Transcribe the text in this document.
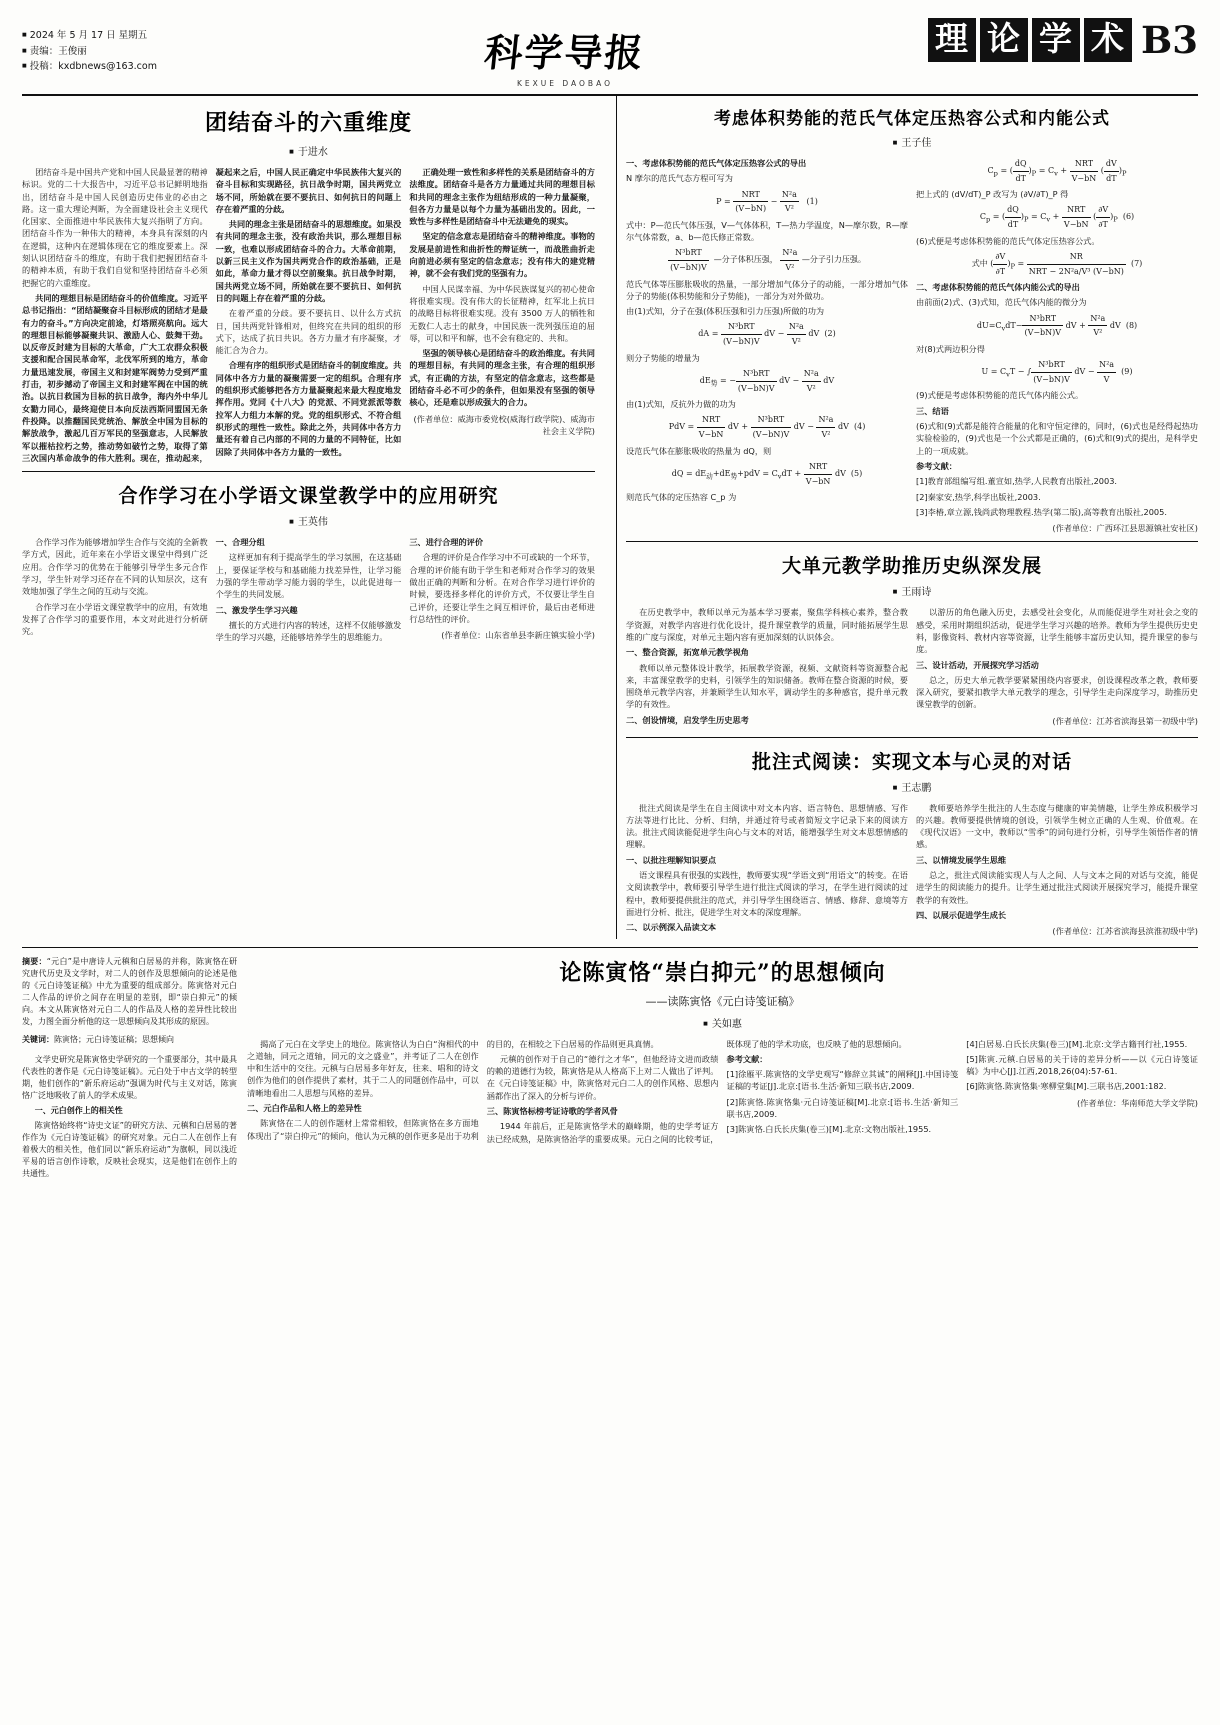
■ 2024 年 5 月 17 日 星期五
■ 责编：王俊丽
■ 投稿：kxdbnews@163.com	科学导报
KEXUE DAOBAO
理 论 学 术 B3
团结奋斗的六重维度
■ 于进水

团结奋斗是中国共产党和中国人民最显著的精神标识。党的二十大报告中，习近平总书记鲜明地指出，团结奋斗是中国人民创造历史伟业的必由之路。这一重大理论判断，为全面建设社会主义现代化国家、全面推进中华民族伟大复兴指明了方向。团结奋斗作为一种伟大的精神，本身具有深刻的内在逻辑，这种内在逻辑体现在它的维度要素上。深刻认识团结奋斗的维度，有助于我们把握团结奋斗的精神本质，有助于我们自觉和坚持团结奋斗必须把握它的六重维度。

共同的理想目标是团结奋斗的价值维度。习近平总书记指出：“团结凝聚奋斗目标形成的团结才是最有力的奋斗。”方向决定前途，灯塔照亮航向。远大的理想目标能够凝聚共识、激励人心、鼓舞干劲。以反帝反封建为目标的大革命，广大工农群众积极支援和配合国民革命军，北伐军所到的地方，革命力量迅速发展，帝国主义和封建军阀势力受到严重打击，初步撼动了帝国主义和封建军阀在中国的统治。以抗日救国为目标的抗日战争，海内外中华儿女勠力同心，最终迎使日本向反法西斯同盟国无条件投降。以推翻国民党统治、解放全中国为目标的解放战争，激起几百万军民的坚强意志，人民解放军以摧枯拉朽之势，推动势如破竹之势，取得了第三次国内革命战争的伟大胜利。现在，推动起来，凝起来之后，中国人民正确定中华民族伟大复兴的奋斗目标和实现路径，抗日战争时期，国共两党立场不同，所始就在要不要抗日、如何抗日的问题上存在着严重的分歧。

共同的理念主张是团结奋斗的思想维度。如果没有共同的理念主张，没有政治共识，那么理想目标一致，也难以形成团结奋斗的合力。大革命前期，以新三民主义作为国共两党合作的政治基础，正是如此，革命力量才得以空前聚集。抗日战争时期，国共两党立场不同，所始就在要不要抗日、如何抗日的问题上存在着严重的分歧。

在着严重的分歧。要不要抗日、以什么方式抗日，国共两党针锋相对，但终究在共同的组织的形式下，达成了抗日共识。各方力量才有序凝聚，才能汇合为合力。

合理有序的组织形式是团结奋斗的制度维度。共同体中各方力量的凝聚需要一定的组织。合理有序的组织形式能够把各方力量凝聚起来最大程度地发挥作用。党同《十八大》的党派、不同党派派等数拉军人力组力本解的党。党的组织形式、不符合组织形式的理性一致性。除此之外，共同体中各方力量还有着自己内部的不同的力量的不同特征，比如因除了共同体中各方力量的一致性。

正确处理一致性和多样性的关系是团结奋斗的方法维度。团结奋斗是各方力量通过共同的理想目标和共同的理念主张作为纽结形成的一种力量凝聚，但各方力量是以每个力量为基础出发的。因此，一致性与多样性是团结奋斗中无法避免的现实。

坚定的信念意志是团结奋斗的精神维度。事物的发展是前进性和曲折性的辩证统一，而战胜曲折走向前进必须有坚定的信念意志；没有伟大的建党精神，就不会有我们党的坚强有力。

中国人民谋幸福、为中华民族谋复兴的初心使命将很难实现。没有伟大的长征精神，红军北上抗日的战略目标将很难实现。没有 3500 万人的牺牲和无数仁人志士的献身，中国民族一洗列强压迫的屈辱，可以和平和解，也不会有稳定的、共和。

坚强的领导核心是团结奋斗的政治维度。有共同的理想目标，有共同的理念主张，有合理的组织形式，有正确的方法，有坚定的信念意志，这些都是团结奋斗必不可少的条件，但如果没有坚强的领导核心，还是难以形成强大的合力。

(作者单位：威海市委党校(威海行政学院)、威海市社会主义学院)

合作学习在小学语文课堂教学中的应用研究
■ 王英伟

合作学习作为能够增加学生合作与交流的全新教学方式，因此，近年来在小学语文课堂中得到广泛应用。合作学习的优势在于能够引导学生多元合作学习，学生针对学习还存在不同的认知层次，这有效地加强了学生之间的互动与交流。

合作学习在小学语文课堂教学中的应用，有效地发挥了合作学习的重要作用，本文对此进行分析研究。

一、合理分组

这样更加有利于提高学生的学习氛围，在这基础上，要保证学校与和基础能力找差异性，让学习能力强的学生带动学习能力弱的学生，以此促进每一个学生的共同发展。

二、激发学生学习兴趣

擅长的方式进行内容的转述，这样不仅能够激发学生的学习兴趣，还能够培养学生的思维能力。

三、进行合理的评价

合理的评价是合作学习中不可或缺的一个环节，合理的评价能有助于学生和老师对合作学习的效果做出正确的判断和分析。在对合作学习进行评价的时候，要选择多样化的评价方式，不仅要让学生自己评价，还要让学生之间互相评价，最后由老师进行总结性的评价。

(作者单位：山东省单县李新庄镇实验小学)

考虑体积势能的范氏气体定压热容公式和内能公式
■ 王子佳

一、考虑体积势能的范氏气体定压热容公式的导出

N 摩尔的范氏气态方程可写为

$P = \frac{\text{NRT}}{(V-bN)} - \frac{\text{N²a}}{\text{V²}} (1)$

式中：P—范氏气体压强，V—气体体积，T—热力学温度，N—摩尔数，R—摩尔气体常数，a、b—范氏修正常数。

$\frac{\text{N³bRT}}{(V-bN)V}$ —分子体积压强， $\frac{\text{N²a}}{\text{V²}}$ —分子引力压强。

范氏气体等压膨胀吸收的热量，一部分增加气体分子的动能，一部分增加气体分子的势能(体积势能和分子势能)，一部分为对外做功。

由(1)式知，分子在强(体积压强和引力压强)所做的功为

dA = $\frac{\text{N³bRT}}{(V-bN)V}$ dV − $\frac{\text{N²a}}{\text{V²}}$ dV  (2)

则分子势能的增量为

$dE_势$ = − $\frac{\text{N³bRT}}{(V-bN)V}$ dV − $\frac{\text{N²a}}{\text{V²}}$ dV

由(1)式知，反抗外力做的功为

PdV = $\frac{\text{NRT}}{V-bN}$ dV + $\frac{\text{N³bRT}}{(V-bN)V}$ dV − $\frac{\text{N²a}}{\text{V²}}$ dV  (4)

设范氏气体在膨胀吸收的热量为 dQ，则

dQ = $dE_动+dE_势+pdV = C_vdT + \frac{\text{NRT}}{V-bN}$ dV  (5)

则范氏气体的定压热容 C_p 为

$C_p$ = ( $\frac{dQ}{dT} )_P = C_v + \frac{\text{NRT}}{V-bN}$ ( $\frac{dV}{dT} )_P$

把上式的 (dV/dT)_P 改写为 (∂V/∂T)_P 得

$C_p$ = ( $\frac{dQ}{dT} )_P = C_v + \frac{\text{NRT}}{V-bN}$ ( $\frac{\partial V}{\partial T} )_P$  (6)

(6)式便是考虑体积势能的范氏气体定压热容公式。

式中 ( $\frac{\partial V}{\partial T} )_P = \frac{NR}{\text{NRT − 2N²a/V³ (V−bN)}} (7)$

二、考虑体积势能的范氏气体内能公式的导出

由前面(2)式、(3)式知，范氏气体内能的微分为

$dU=C_vdT- \frac{\text{N³bRT}}{(V-bN)V}$ dV + $\frac{\text{N²a}}{\text{V²}}$ dV  (8)

对(8)式两边积分得

$U = C_vT$ − ∫ $\frac{\text{N³bRT}}{(V-bN)V}$ dV − $\frac{\text{N²a}}{V} (9)$

(9)式便是考虑体积势能的范氏气体内能公式。

三、结语

(6)式和(9)式都是能符合能量的化和守恒定律的，同时，(6)式也是经得起热功实验检验的，(9)式也是一个公式都是正确的，(6)式和(9)式的提出，是科学史上的一项成就。

参考文献：

[1]教育部组编写组.董宣如,热学,人民教育出版社,2003.

[2]秦家安,热学,科学出版社,2003.

[3]李椿,章立源,钱尚武物理教程.热学(第二版),高等教育出版社,2005.

(作者单位：广西环江县思源镇社安社区)

大单元教学助推历史纵深发展
■ 王雨诗

在历史教学中，教师以单元为基本学习要素，聚焦学科核心素养，整合教学资源，对教学内容进行优化设计，提升课堂教学的质量，同时能拓展学生思维的广度与深度，对单元主题内容有更加深刻的认识体会。

一、整合资源，拓宽单元教学视角

教师以单元整体设计教学，拓展教学资源，视频、文献资料等资源整合起来，丰富课堂教学的史料，引领学生的知识储备。教师在整合资源的时候，要围绕单元教学内容，并兼顾学生认知水平，调动学生的多种感官，提升单元教学的有效性。

二、创设情境，启发学生历史思考

以游历的角色融入历史，去感受社会变化，从而能促进学生对社会之变的感受，采用时期组织活动，促进学生学习兴趣的培养。教师为学生提供历史史料，影像资料、教材内容等资源，让学生能够丰富历史认知，提升课堂的参与度。

三、设计活动，开展探究学习活动

总之，历史大单元教学要紧紧围绕内容要求，创设课程改革之教，教师要深入研究，要紧扣教学大单元教学的理念，引导学生走向深度学习，助推历史课堂教学的创新。

(作者单位：江苏省滨海县第一初级中学)

批注式阅读：实现文本与心灵的对话
■ 王志鹏

批注式阅读是学生在自主阅读中对文本内容、语言特色、思想情感、写作方法等进行比比、分析、归纳，并通过符号或者简短文字记录下来的阅读方法。批注式阅读能促进学生向心与文本的对话，能增强学生对文本思想情感的理解。

一、以批注理解知识要点

语文课程具有很强的实践性，教师要实现“学语文到“用语文”的转变。在语文阅读教学中，教师要引导学生进行批注式阅读的学习，在学生进行阅读的过程中，教师要提供批注的范式，并引导学生围绕语言、情感、修辞、意境等方面进行分析、批注，促进学生对文本的深度理解。

二、以示例深入品读文本

教师要培养学生批注的人生态度与健康的审美情趣，让学生养成积极学习的兴趣。教师要提供情境的创设，引领学生树立正确的人生观、价值观。在《现代汉语》一文中，教师以“雪季”的词句进行分析，引导学生领悟作者的情感。

三、以情境发展学生思维

总之，批注式阅读能实现人与人之间、人与文本之间的对话与交流，能促进学生的阅读能力的提升。让学生通过批注式阅读开展探究学习，能提升课堂教学的有效性。

四、以展示促进学生成长

(作者单位：江苏省滨海县滨淮初级中学)

摘要：“元白”是中唐诗人元稹和白居易的并称，陈寅恪在研究唐代历史及文学时，对二人的创作及思想倾向的论述是他的《元白诗笺证稿》中尤为重要的组成部分。陈寅恪对元白二人作品的评价之间存在明显的差别，即“崇白抑元”的倾向。本文从陈寅恪对元白二人的作品及人格的差异性比较出发，力图全面分析他的这一思想倾向及其形成的原因。
关键词：陈寅恪；元白诗笺证稿；思想倾向

文学史研究是陈寅恪史学研究的一个重要部分，其中最具代表性的著作是《元白诗笺证稿》。元白处于中古文学的转型期，他们创作的“新乐府运动”强调为时代与主义对话，陈寅恪广泛地吸收了前人的学术成果。

一、元白创作上的相关性

陈寅恪始终将“诗史文证”的研究方法、元稹和白居易的著作作为《元白诗笺证稿》的研究对象。元白二人在创作上有着极大的相关性，他们同以“新乐府运动”为旗帜，同以浅近平易的语言创作诗歌，反映社会现实，这是他们在创作上的共通性。

论陈寅恪“崇白抑元”的思想倾向
——读陈寅恪《元白诗笺证稿》
■ 关如惠

揭高了元白在文学史上的地位。陈寅恪认为白白“洵相代的中之道轴，同元之道轴，同元的文之盛业”，并考证了二人在创作中和生活中的交往。元稹与白居易多年好友，往来、唱和的诗文创作为他们的创作提供了素材，其于二人的同题创作品中，可以清晰地看出二人思想与风格的差异。

二、元白作品和人格上的差异性

陈寅恪在二人的创作题材上常常相较，但陈寅恪在多方面地体现出了“崇白抑元”的倾向，他认为元稹的创作更多是出于功利的目的，在相较之下白居易的作品则更具真情。

元稹的创作对于自己的“德行之才华”，但他经诗文进而政绩的赖的道德行为较，陈寅恪是从人格高下上对二人做出了评判。在《元白诗笺证稿》中，陈寅恪对元白二人的创作风格、思想内涵都作出了深入的分析与评价。

三、陈寅恪标榜考证诗歌的学者风骨

1944 年前后，正是陈寅恪学术的巅峰期，他的史学考证方法已经成熟，是陈寅恪治学的重要成果。元白之间的比较考证，既体现了他的学术功底，也反映了他的思想倾向。

参考文献：

[1]徐雁平.陈寅恪的文学史观写“修辞立其诚”的阐释[J].中国诗笺证稿的考证[J].北京:[语书.生活·新知三联书店,2009.

[2]陈寅恪.陈寅恪集·元白诗笺证稿[M].北京:[语书.生活·新知三联书店,2009.

[3]陈寅恪.白氏长庆集(卷三)[M].北京:文物出版社,1955.

[4]白居易.白氏长庆集(卷三)[M].北京:文学古籍刊行社,1955.

[5]陈寅.元稹.白居易的关于诗的差异分析——以《元白诗笺证稿》为中心[J].江西,2018,26(04):57-61.

[6]陈寅恪.陈寅恪集·寒柳堂集[M].三联书店,2001:182.

(作者单位：华南师范大学文学院)
